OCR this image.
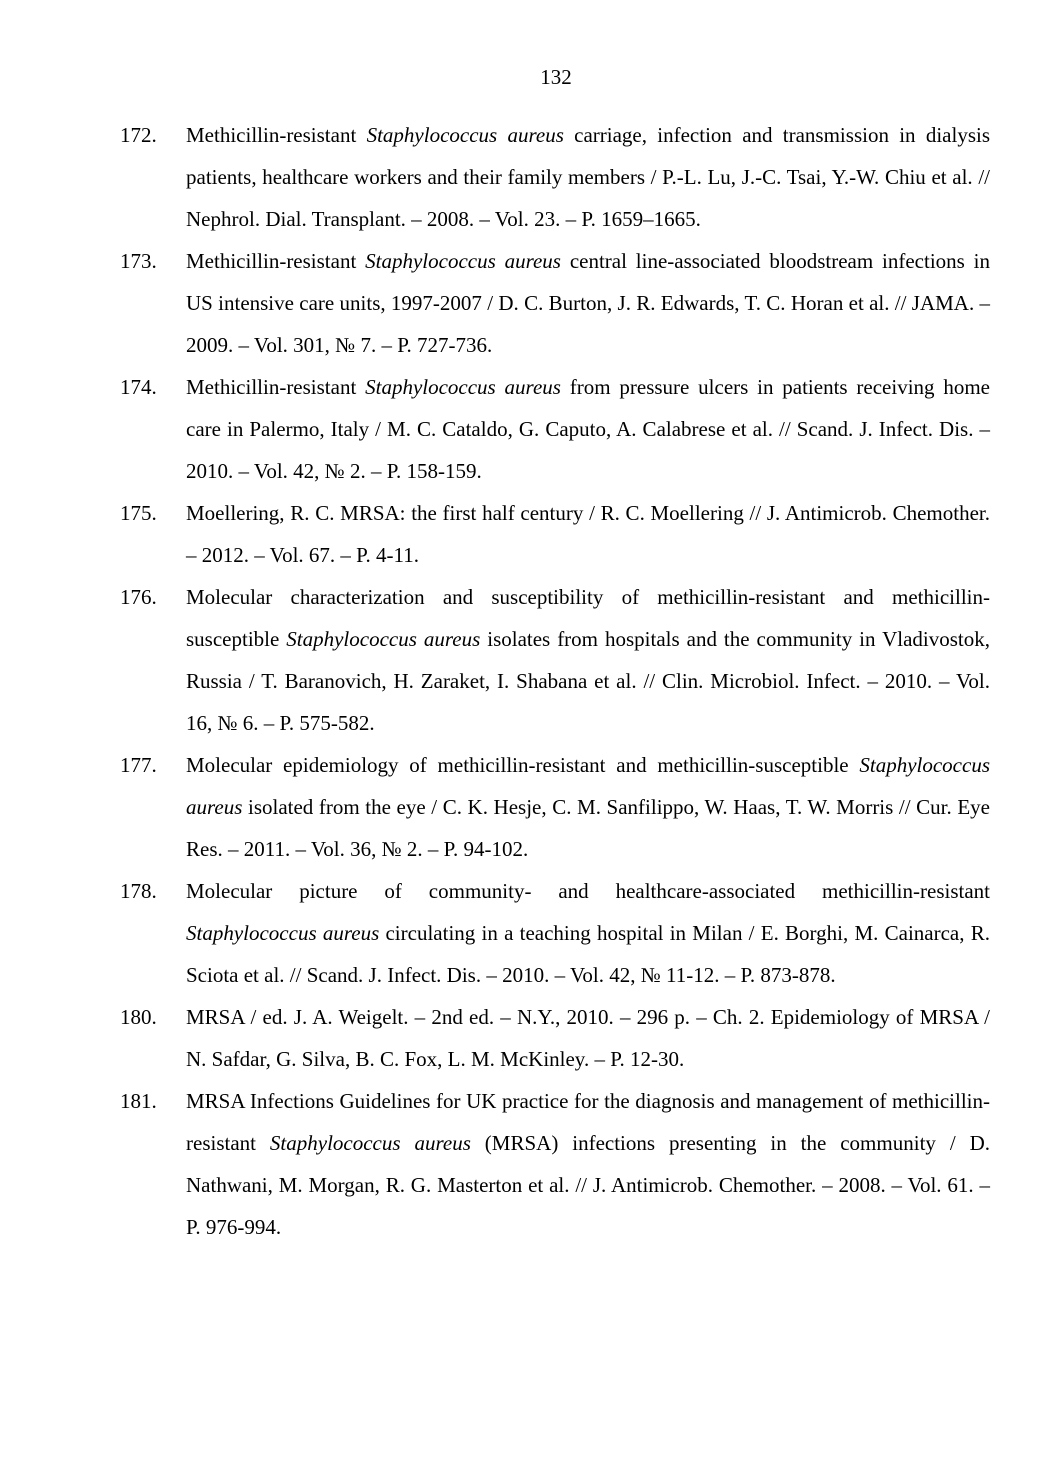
132
172. Methicillin-resistant Staphylococcus aureus carriage, infection and transmission in dialysis patients, healthcare workers and their family members / P.-L. Lu, J.-C. Tsai, Y.-W. Chiu et al. // Nephrol. Dial. Transplant. – 2008. – Vol. 23. – P. 1659–1665.
173. Methicillin-resistant Staphylococcus aureus central line-associated bloodstream infections in US intensive care units, 1997-2007 / D. C. Burton, J. R. Edwards, T. C. Horan et al. // JAMA. – 2009. – Vol. 301, № 7. – P. 727-736.
174. Methicillin-resistant Staphylococcus aureus from pressure ulcers in patients receiving home care in Palermo, Italy / M. C. Cataldo, G. Caputo, A. Calabrese et al. // Scand. J. Infect. Dis. – 2010. – Vol. 42, № 2. – P. 158-159.
175. Moellering, R. C. MRSA: the first half century / R. C. Moellering // J. Antimicrob. Chemother. – 2012. – Vol. 67. – P. 4-11.
176. Molecular characterization and susceptibility of methicillin-resistant and methicillin-susceptible Staphylococcus aureus isolates from hospitals and the community in Vladivostok, Russia / T. Baranovich, H. Zaraket, I. Shabana et al. // Clin. Microbiol. Infect. – 2010. – Vol. 16, № 6. – P. 575-582.
177. Molecular epidemiology of methicillin-resistant and methicillin-susceptible Staphylococcus aureus isolated from the eye / C. K. Hesje, C. M. Sanfilippo, W. Haas, T. W. Morris // Cur. Eye Res. – 2011. – Vol. 36, № 2. – P. 94-102.
178. Molecular picture of community- and healthcare-associated methicillin-resistant Staphylococcus aureus circulating in a teaching hospital in Milan / E. Borghi, M. Cainarca, R. Sciota et al. // Scand. J. Infect. Dis. – 2010. – Vol. 42, № 11-12. – P. 873-878.
180. MRSA / ed. J. A. Weigelt. – 2nd ed. – N.Y., 2010. – 296 p. – Ch. 2. Epidemiology of MRSA / N. Safdar, G. Silva, B. C. Fox, L. M. McKinley. – P. 12-30.
181. MRSA Infections Guidelines for UK practice for the diagnosis and management of methicillin-resistant Staphylococcus aureus (MRSA) infections presenting in the community / D. Nathwani, M. Morgan, R. G. Masterton et al. // J. Antimicrob. Chemother. – 2008. – Vol. 61. – P. 976-994.
